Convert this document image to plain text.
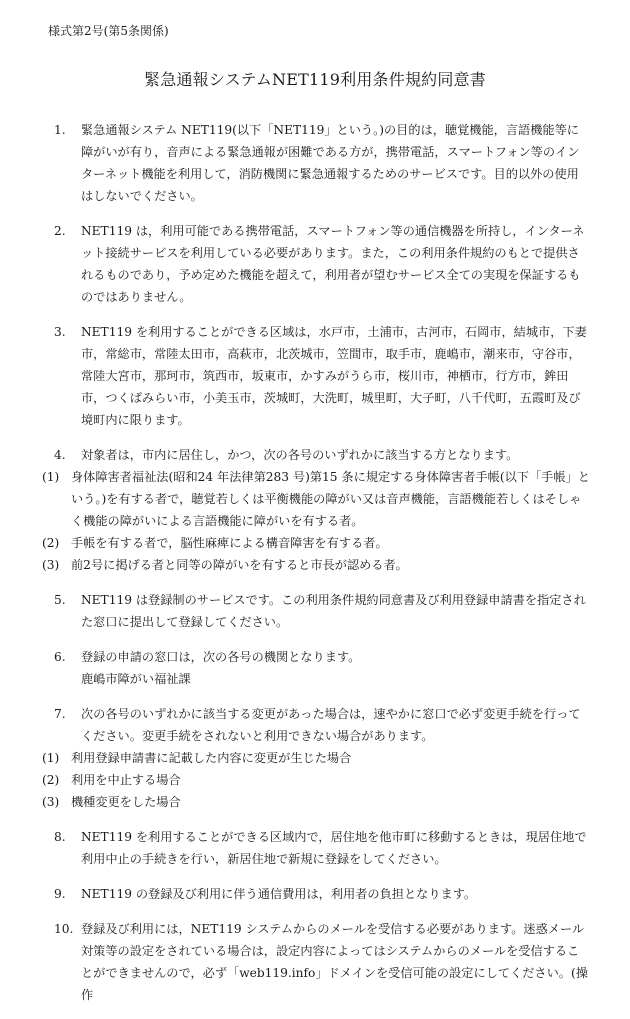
様式第2号(第5条関係)
緊急通報システムNET119利用条件規約同意書
1. 緊急通報システム NET119(以下「NET119」という。)の目的は，聴覚機能，言語機能等に障がいが有り，音声による緊急通報が困難である方が，携帯電話，スマートフォン等のインターネット機能を利用して，消防機関に緊急通報するためのサービスです。目的以外の使用はしないでください。
2. NET119 は，利用可能である携帯電話，スマートフォン等の通信機器を所持し，インターネット接続サービスを利用している必要があります。また，この利用条件規約のもとで提供されるものであり，予め定めた機能を超えて，利用者が望むサービス全ての実現を保証するものではありません。
3. NET119 を利用することができる区域は，水戸市，土浦市，古河市，石岡市，結城市，下妻市，常総市，常陸太田市，高萩市，北茨城市，笠間市，取手市，鹿嶋市，潮来市，守谷市，常陸大宮市，那珂市，筑西市，坂東市，かすみがうら市，桜川市，神栖市，行方市，鉾田市，つくばみらい市，小美玉市，茨城町，大洗町，城里町，大子町，八千代町，五霞町及び境町内に限ります。
4. 対象者は，市内に居住し，かつ，次の各号のいずれかに該当する方となります。
(1) 身体障害者福祉法(昭和24 年法律第283 号)第15 条に規定する身体障害者手帳(以下「手帳」という。)を有する者で，聴覚若しくは平衡機能の障がい又は音声機能，言語機能若しくはそしゃく機能の障がいによる言語機能に障がいを有する者。
(2) 手帳を有する者で，脳性麻痺による構音障害を有する者。
(3) 前2号に掲げる者と同等の障がいを有すると市長が認める者。
5. NET119 は登録制のサービスです。この利用条件規約同意書及び利用登録申請書を指定された窓口に提出して登録してください。
6. 登録の申請の窓口は，次の各号の機関となります。
鹿嶋市障がい福祉課
7. 次の各号のいずれかに該当する変更があった場合は，速やかに窓口で必ず変更手続を行ってください。変更手続をされないと利用できない場合があります。
(1) 利用登録申請書に記載した内容に変更が生じた場合
(2) 利用を中止する場合
(3) 機種変更をした場合
8. NET119 を利用することができる区域内で，居住地を他市町に移動するときは，現居住地で利用中止の手続きを行い，新居住地で新規に登録をしてください。
9. NET119 の登録及び利用に伴う通信費用は，利用者の負担となります。
10. 登録及び利用には，NET119 システムからのメールを受信する必要があります。迷惑メール対策等の設定をされている場合は，設定内容によってはシステムからのメールを受信することができませんので，必ず「web119.info」ドメインを受信可能の設定にしてください。(操作
